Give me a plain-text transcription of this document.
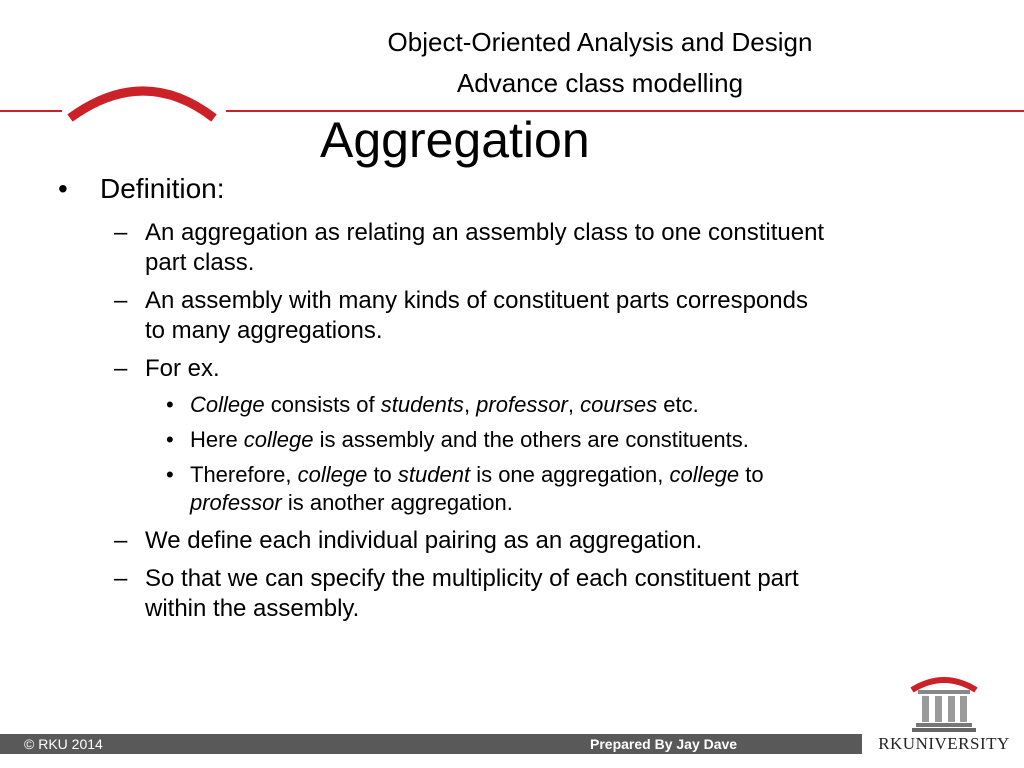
Object-Oriented Analysis and Design
Advance class modelling
Aggregation
• Definition:
– An aggregation as relating an assembly class to one constituent
part class.
– An assembly with many kinds of constituent parts corresponds
to many aggregations.
– For ex.
• College consists of students, professor, courses etc.
• Here college is assembly and the others are constituents.
• Therefore, college to student is one aggregation, college to
professor is another aggregation.
– We define each individual pairing as an aggregation.
– So that we can specify the multiplicity of each constituent part
within the assembly.
© RKU 2014	Prepared By Jay Dave	RKUNIVERSITY
